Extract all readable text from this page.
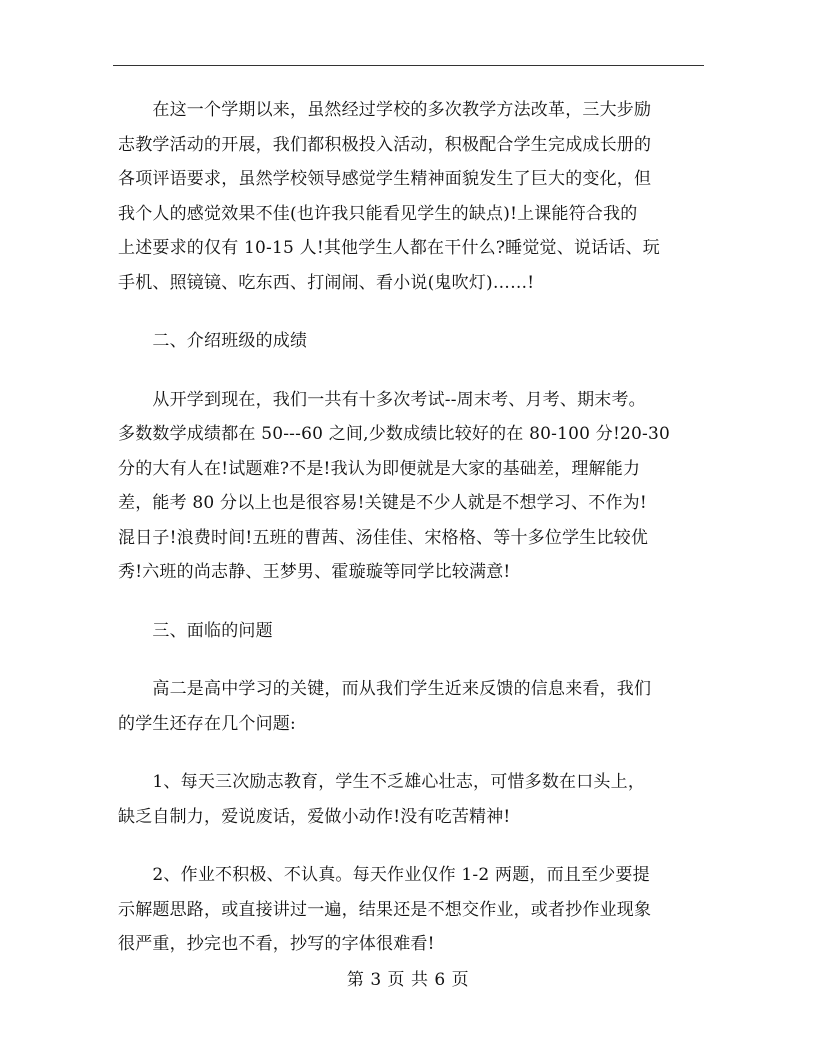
　　在这一个学期以来，虽然经过学校的多次教学方法改革，三大步励
志教学活动的开展，我们都积极投入活动，积极配合学生完成成长册的
各项评语要求，虽然学校领导感觉学生精神面貌发生了巨大的变化，但
我个人的感觉效果不佳(也许我只能看见学生的缺点)!上课能符合我的
上述要求的仅有 10-15 人!其他学生人都在干什么?睡觉觉、说话话、玩
手机、照镜镜、吃东西、打闹闹、看小说(鬼吹灯)……!
　　二、介绍班级的成绩
　　从开学到现在，我们一共有十多次考试--周末考、月考、期末考。
多数数学成绩都在 50---60 之间,少数成绩比较好的在 80-100 分!20-30
分的大有人在!试题难?不是!我认为即便就是大家的基础差，理解能力
差，能考 80 分以上也是很容易!关键是不少人就是不想学习、不作为!
混日子!浪费时间!五班的曹茜、汤佳佳、宋格格、等十多位学生比较优
秀!六班的尚志静、王梦男、霍璇璇等同学比较满意!
　　三、面临的问题
　　高二是高中学习的关键，而从我们学生近来反馈的信息来看，我们
的学生还存在几个问题:
　　1、每天三次励志教育，学生不乏雄心壮志，可惜多数在口头上，
缺乏自制力，爱说废话，爱做小动作!没有吃苦精神!
　　2、作业不积极、不认真。每天作业仅作 1-2 两题，而且至少要提
示解题思路，或直接讲过一遍，结果还是不想交作业，或者抄作业现象
很严重，抄完也不看，抄写的字体很难看!
第 3 页 共 6 页
